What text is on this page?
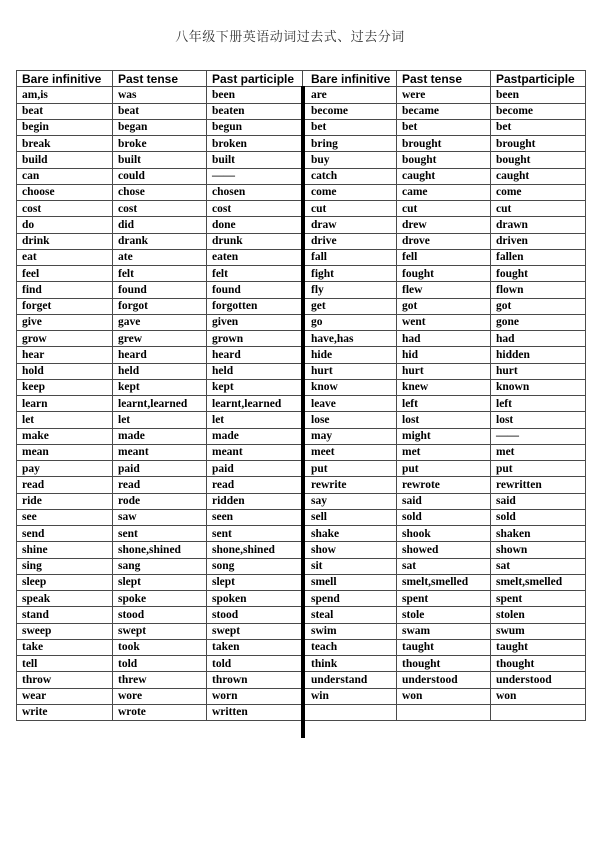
八年级下册英语动词过去式、过去分词
Bare infinitive	Past tense	Past participle	Bare infinitive	Past tense	Pastparticiple
am,is	was	been	are	were	been
beat	beat	beaten	become	became	become
begin	began	begun	bet	bet	bet
break	broke	broken	bring	brought	brought
build	built	built	buy	bought	bought
can	could	——	catch	caught	caught
choose	chose	chosen	come	came	come
cost	cost	cost	cut	cut	cut
do	did	done	draw	drew	drawn
drink	drank	drunk	drive	drove	driven
eat	ate	eaten	fall	fell	fallen
feel	felt	felt	fight	fought	fought
find	found	found	fly	flew	flown
forget	forgot	forgotten	get	got	got
give	gave	given	go	went	gone
grow	grew	grown	have,has	had	had
hear	heard	heard	hide	hid	hidden
hold	held	held	hurt	hurt	hurt
keep	kept	kept	know	knew	known
learn	learnt,learned	learnt,learned	leave	left	left
let	let	let	lose	lost	lost
make	made	made	may	might	——
mean	meant	meant	meet	met	met
pay	paid	paid	put	put	put
read	read	read	rewrite	rewrote	rewritten
ride	rode	ridden	say	said	said
see	saw	seen	sell	sold	sold
send	sent	sent	shake	shook	shaken
shine	shone,shined	shone,shined	show	showed	shown
sing	sang	song	sit	sat	sat
sleep	slept	slept	smell	smelt,smelled	smelt,smelled
speak	spoke	spoken	spend	spent	spent
stand	stood	stood	steal	stole	stolen
sweep	swept	swept	swim	swam	swum
take	took	taken	teach	taught	taught
tell	told	told	think	thought	thought
throw	threw	thrown	understand	understood	understood
wear	wore	worn	win	won	won
write	wrote	written			
